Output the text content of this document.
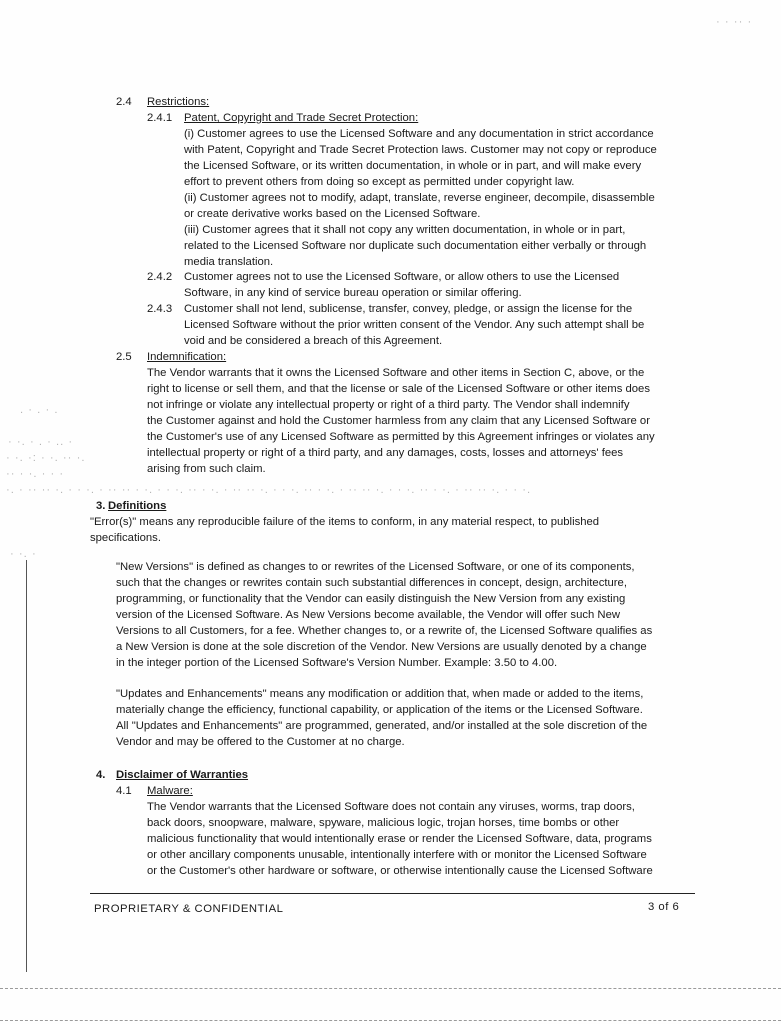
2.4 Restrictions:
2.4.1 Patent, Copyright and Trade Secret Protection:
(i) Customer agrees to use the Licensed Software and any documentation in strict accordance
with Patent, Copyright and Trade Secret Protection laws. Customer may not copy or reproduce
the Licensed Software, or its written documentation, in whole or in part, and will make every
effort to prevent others from doing so except as permitted under copyright law.
(ii) Customer agrees not to modify, adapt, translate, reverse engineer, decompile, disassemble
or create derivative works based on the Licensed Software.
(iii) Customer agrees that it shall not copy any written documentation, in whole or in part,
related to the Licensed Software nor duplicate such documentation either verbally or through
media translation.
2.4.2 Customer agrees not to use the Licensed Software, or allow others to use the Licensed
Software, in any kind of service bureau operation or similar offering.
2.4.3 Customer shall not lend, sublicense, transfer, convey, pledge, or assign the license for the
Licensed Software without the prior written consent of the Vendor. Any such attempt shall be
void and be considered a breach of this Agreement.
2.5 Indemnification:
The Vendor warrants that it owns the Licensed Software and other items in Section C, above, or the
right to license or sell them, and that the license or sale of the Licensed Software or other items does
not infringe or violate any intellectual property or right of a third party. The Vendor shall indemnify
the Customer against and hold the Customer harmless from any claim that any Licensed Software or
the Customer's use of any Licensed Software as permitted by this Agreement infringes or violates any
intellectual property or right of a third party, and any damages, costs, losses and attorneys' fees
arising from such claim.
. · . · .
· ·. · . · .. ·
· ·. ·: · ·. ·· ·.
·· · ·. · · ·
·. · ·· ·· ·. · · ·. · ·· ·· · ·. · · ·. ·· · ·. · ·· ·· ·. · · ·. ·· · ·. · ·· ·· ·. · · ·. ·· · ·. · ·· ·· ·. · · ·.
3. Definitions
"Error(s)" means any reproducible failure of the items to conform, in any material respect, to published
specifications.
· ·. ·
"New Versions" is defined as changes to or rewrites of the Licensed Software, or one of its components,
such that the changes or rewrites contain such substantial differences in concept, design, architecture,
programming, or functionality that the Vendor can easily distinguish the New Version from any existing
version of the Licensed Software. As New Versions become available, the Vendor will offer such New
Versions to all Customers, for a fee. Whether changes to, or a rewrite of, the Licensed Software qualifies as
a New Version is done at the sole discretion of the Vendor. New Versions are usually denoted by a change
in the integer portion of the Licensed Software's Version Number. Example: 3.50 to 4.00.
"Updates and Enhancements" means any modification or addition that, when made or added to the items,
materially change the efficiency, functional capability, or application of the items or the Licensed Software.
All "Updates and Enhancements" are programmed, generated, and/or installed at the sole discretion of the
Vendor and may be offered to the Customer at no charge.
4. Disclaimer of Warranties
4.1 Malware:
The Vendor warrants that the Licensed Software does not contain any viruses, worms, trap doors,
back doors, snoopware, malware, spyware, malicious logic, trojan horses, time bombs or other
malicious functionality that would intentionally erase or render the Licensed Software, data, programs
or other ancillary components unusable, intentionally interfere with or monitor the Licensed Software
or the Customer's other hardware or software, or otherwise intentionally cause the Licensed Software
PROPRIETARY & CONFIDENTIAL	3 of 6
· · ·· ·
